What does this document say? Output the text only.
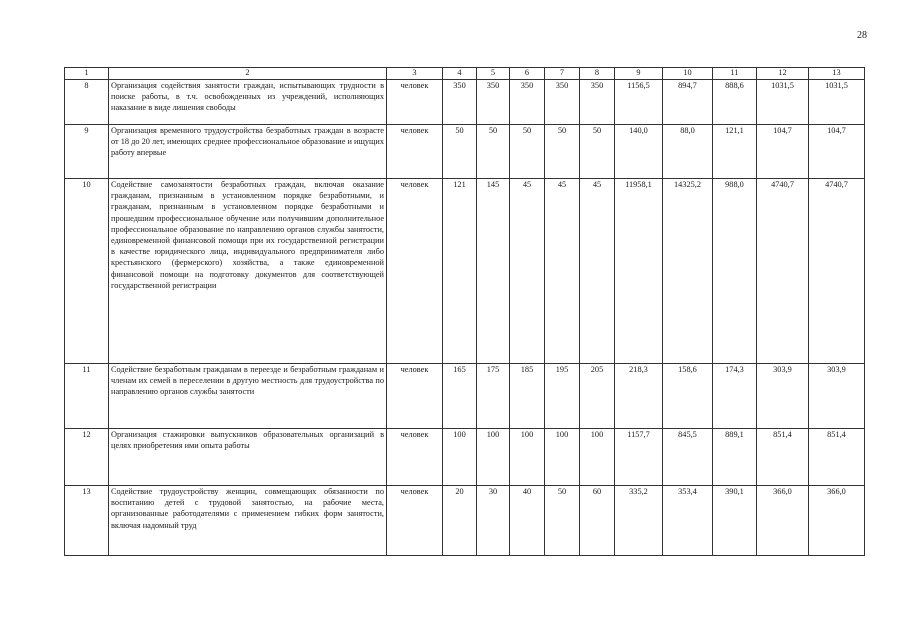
28
1	2	3	4	5	6	7	8	9	10	11	12	13
8	Организация содействия занятости граждан, испытывающих трудности в поиске работы, в т.ч. освобожденных из учреждений, исполняющих наказание в виде лишения свободы	человек	350	350	350	350	350	1156,5	894,7	888,6	1031,5	1031,5
9	Организация временного трудоустройства безработных граждан в возрасте от 18 до 20 лет, имеющих среднее профессиональное образование и ищущих работу впервые	человек	50	50	50	50	50	140,0	88,0	121,1	104,7	104,7
10	Содействие самозанятости безработных граждан, включая оказание гражданам, признанным в установленном порядке безработными, и гражданам, признанным в установленном порядке безработными и прошедшим профессиональное обучение или получившим дополнительное профессиональное образование по направлению органов службы занятости, единовременной финансовой помощи при их государственной регистрации в качестве юридического лица, индивидуального предпринимателя либо крестьянского (фермерского) хозяйства, а также единовременной финансовой помощи на подготовку документов для соответствующей государственной регистрации	человек	121	145	45	45	45	11958,1	14325,2	988,0	4740,7	4740,7
11	Содействие безработным гражданам в переезде и безработным гражданам и членам их семей в переселении в другую местность для трудоустройства по направлению органов службы занятости	человек	165	175	185	195	205	218,3	158,6	174,3	303,9	303,9
12	Организация стажировки выпускников образовательных организаций в целях приобретения ими опыта работы	человек	100	100	100	100	100	1157,7	845,5	889,1	851,4	851,4
13	Содействие трудоустройству женщин, совмещающих обязанности по воспитанию детей с трудовой занятостью, на рабочие места, организованные работодателями с применением гибких форм занятости, включая надомный труд	человек	20	30	40	50	60	335,2	353,4	390,1	366,0	366,0
